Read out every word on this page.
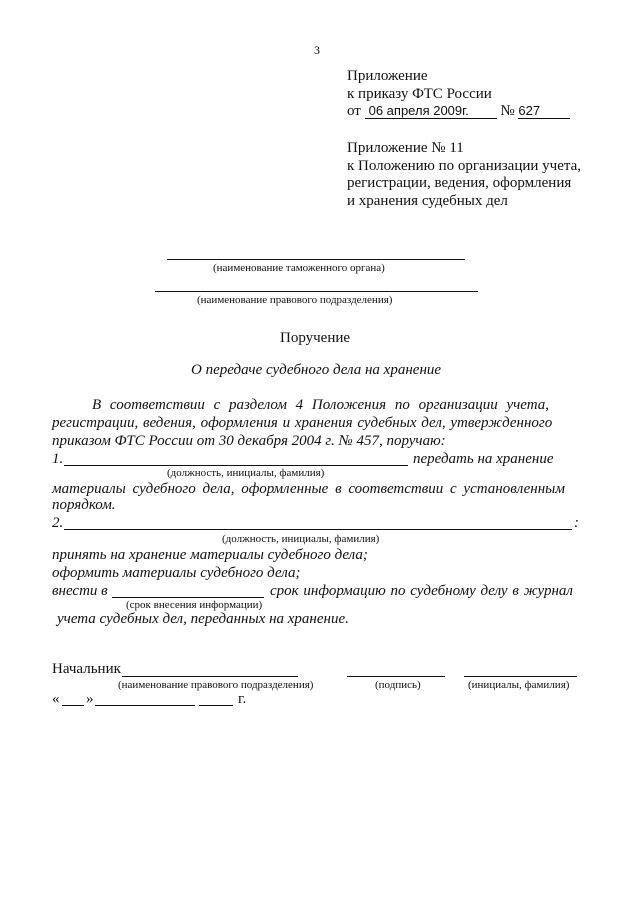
3
Приложение
к приказу ФТС России
от 06 апреля 2009г. № 627
Приложение № 11
к Положению по организации учета,
регистрации, ведения, оформления
и хранения судебных дел
(наименование таможенного органа)
(наименование правового подразделения)
Поручение
О передаче судебного дела на хранение
В соответствии с разделом 4 Положения по организации учета,
регистрации, ведения, оформления и хранения судебных дел, утвержденного
приказом ФТС России от 30 декабря 2004 г. № 457, поручаю:
1.	передать на хранение
(должность, инициалы, фамилия)
материалы судебного дела, оформленные в соответствии с установленным
порядком.
2.	:
(должность, инициалы, фамилия)
принять на хранение материалы судебного дела;
оформить материалы судебного дела;
внести в	срок информацию по судебному делу в журнал
(срок внесения информации)
учета судебных дел, переданных на хранение.
Начальник
(наименование правового подразделения)	(подпись)	(инициалы, фамилия)
« »	г.
